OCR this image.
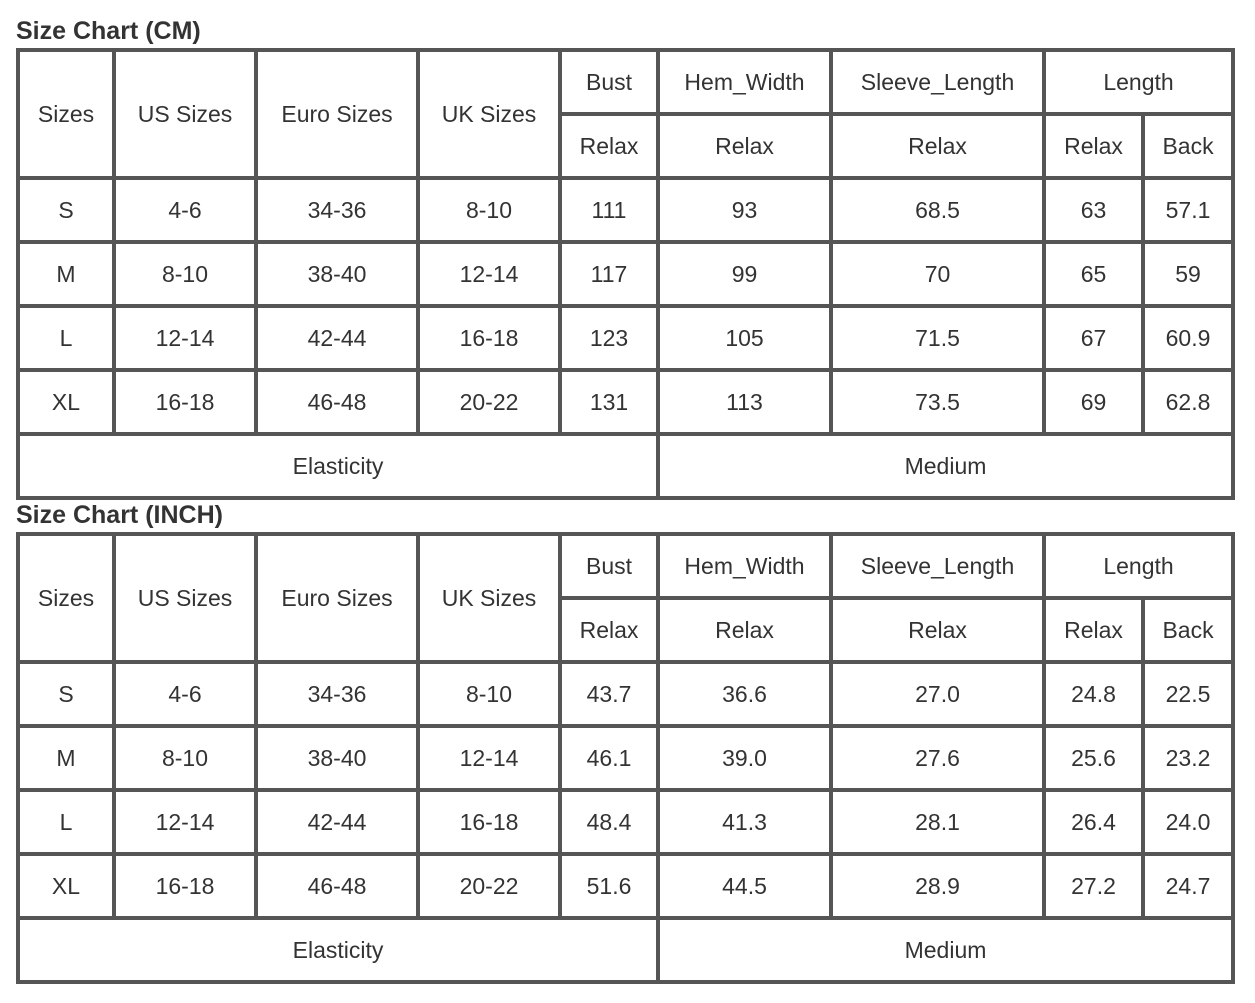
Size Chart (CM)
Sizes	US Sizes	Euro Sizes	UK Sizes	Bust	Hem_Width	Sleeve_Length	Length	
				Relax	Relax	Relax	Relax	Back
S	4-6	34-36	8-10	111	93	68.5	63	57.1
M	8-10	38-40	12-14	117	99	70	65	59
L	12-14	42-44	16-18	123	105	71.5	67	60.9
XL	16-18	46-48	20-22	131	113	73.5	69	62.8
Elasticity					Medium			
Size Chart (INCH)
Sizes	US Sizes	Euro Sizes	UK Sizes	Bust	Hem_Width	Sleeve_Length	Length	
				Relax	Relax	Relax	Relax	Back
S	4-6	34-36	8-10	43.7	36.6	27.0	24.8	22.5
M	8-10	38-40	12-14	46.1	39.0	27.6	25.6	23.2
L	12-14	42-44	16-18	48.4	41.3	28.1	26.4	24.0
XL	16-18	46-48	20-22	51.6	44.5	28.9	27.2	24.7
Elasticity					Medium			
